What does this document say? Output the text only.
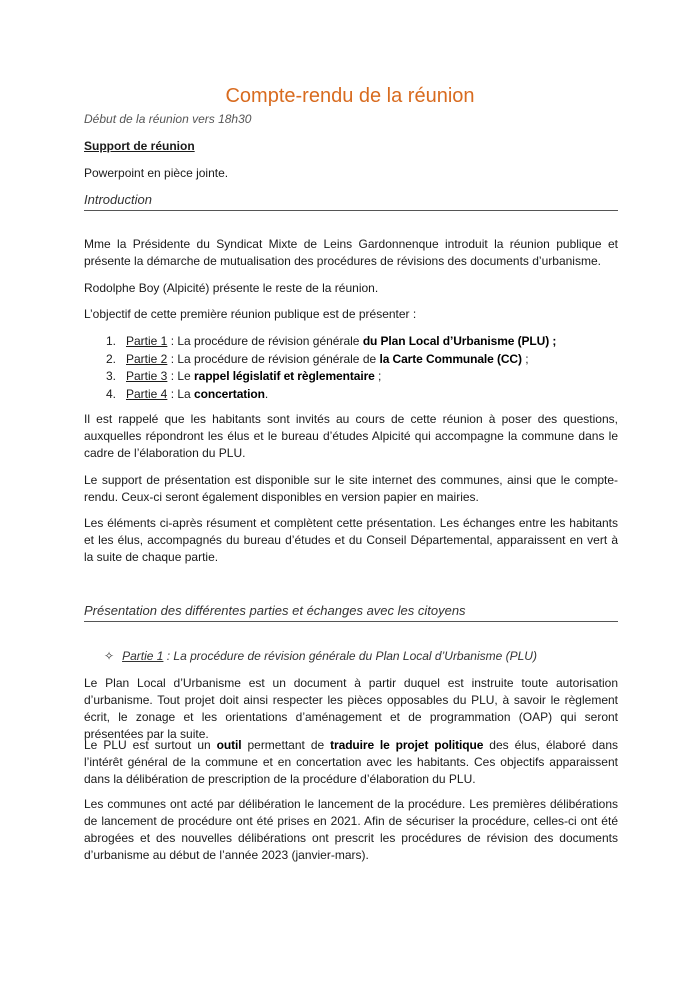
Compte-rendu de la réunion
Début de la réunion vers 18h30
Support de réunion
Powerpoint en pièce jointe.
Introduction
Mme la Présidente du Syndicat Mixte de Leins Gardonnenque introduit la réunion publique et présente la démarche de mutualisation des procédures de révisions des documents d’urbanisme.
Rodolphe Boy (Alpicité) présente le reste de la réunion.
L’objectif de cette première réunion publique est de présenter :
1. Partie 1 : La procédure de révision générale du Plan Local d’Urbanisme (PLU) ;
2. Partie 2 : La procédure de révision générale de la Carte Communale (CC) ;
3. Partie 3 : Le rappel législatif et règlementaire ;
4. Partie 4 : La concertation.
Il est rappelé que les habitants sont invités au cours de cette réunion à poser des questions, auxquelles répondront les élus et le bureau d’études Alpicité qui accompagne la commune dans le cadre de l’élaboration du PLU.
Le support de présentation est disponible sur le site internet des communes, ainsi que le compte-rendu. Ceux-ci seront également disponibles en version papier en mairies.
Les éléments ci-après résument et complètent cette présentation. Les échanges entre les habitants et les élus, accompagnés du bureau d’études et du Conseil Départemental, apparaissent en vert à la suite de chaque partie.
Présentation des différentes parties et échanges avec les citoyens
✧ Partie 1 : La procédure de révision générale du Plan Local d’Urbanisme (PLU)
Le Plan Local d’Urbanisme est un document à partir duquel est instruite toute autorisation d’urbanisme. Tout projet doit ainsi respecter les pièces opposables du PLU, à savoir le règlement écrit, le zonage et les orientations d’aménagement et de programmation (OAP) qui seront présentées par la suite.
Le PLU est surtout un outil permettant de traduire le projet politique des élus, élaboré dans l’intérêt général de la commune et en concertation avec les habitants. Ces objectifs apparaissent dans la délibération de prescription de la procédure d’élaboration du PLU.
Les communes ont acté par délibération le lancement de la procédure. Les premières délibérations de lancement de procédure ont été prises en 2021. Afin de sécuriser la procédure, celles-ci ont été abrogées et des nouvelles délibérations ont prescrit les procédures de révision des documents d’urbanisme au début de l’année 2023 (janvier-mars).
